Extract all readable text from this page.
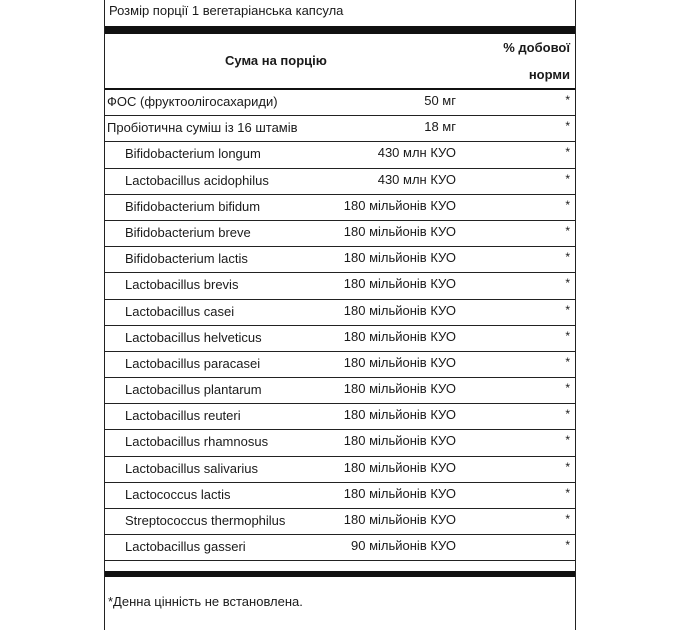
Розмір порції 1 вегетаріанська капсула
Сума на порцію
% добової
норми
ФОС (фруктоолігосахариди)	50 мг	*
Пробіотична суміш із 16 штамів	18 мг	*
Bifidobacterium longum	430 млн КУО	*
Lactobacillus acidophilus	430 млн КУО	*
Bifidobacterium bifidum	180 мільйонів КУО	*
Bifidobacterium breve	180 мільйонів КУО	*
Bifidobacterium lactis	180 мільйонів КУО	*
Lactobacillus brevis	180 мільйонів КУО	*
Lactobacillus casei	180 мільйонів КУО	*
Lactobacillus helveticus	180 мільйонів КУО	*
Lactobacillus paracasei	180 мільйонів КУО	*
Lactobacillus plantarum	180 мільйонів КУО	*
Lactobacillus reuteri	180 мільйонів КУО	*
Lactobacillus rhamnosus	180 мільйонів КУО	*
Lactobacillus salivarius	180 мільйонів КУО	*
Lactococcus lactis	180 мільйонів КУО	*
Streptococcus thermophilus	180 мільйонів КУО	*
Lactobacillus gasseri	90 мільйонів КУО	*
*Денна цінність не встановлена.
